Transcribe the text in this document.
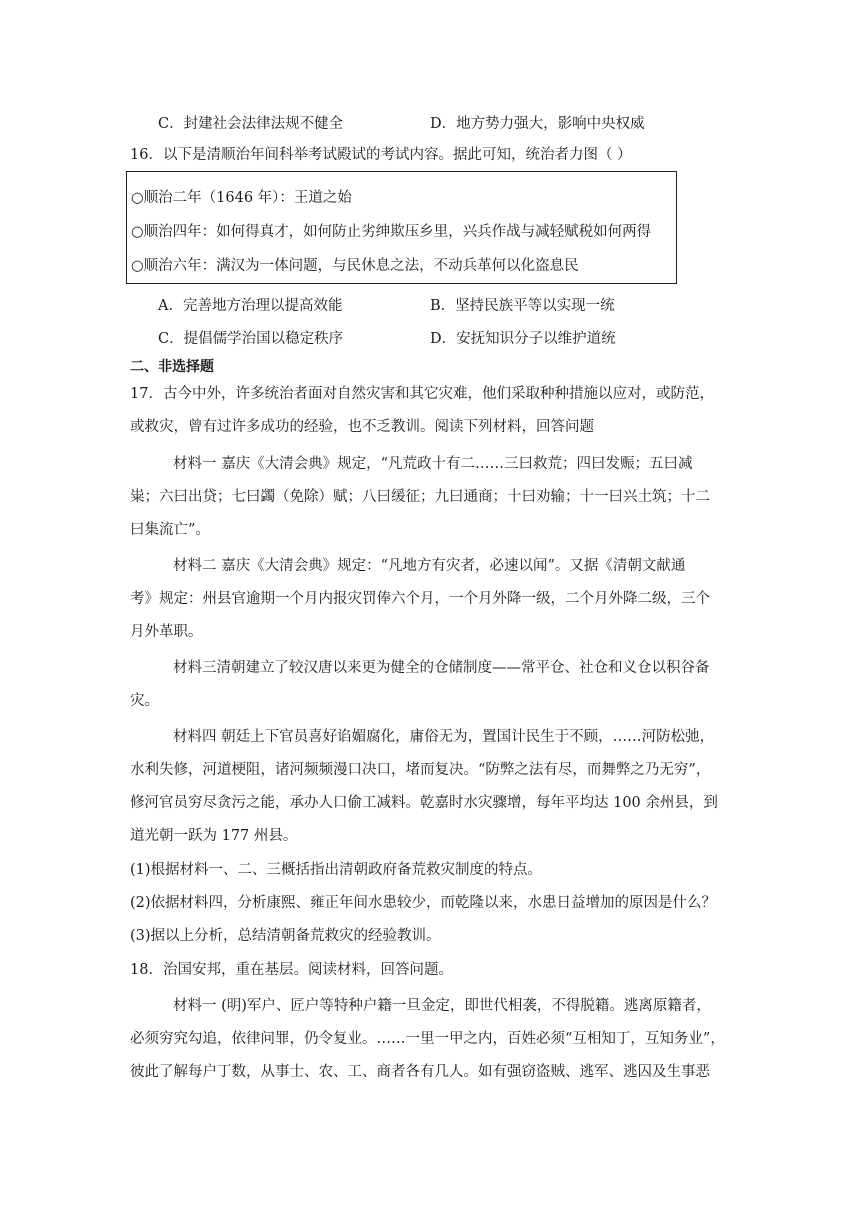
C．封建社会法律法规不健全	D．地方势力强大，影响中央权威
16．以下是清顺治年间科举考试殿试的考试内容。据此可知，统治者力图（ ）
○顺治二年（1646 年）：王道之始
○顺治四年：如何得真才，如何防止劣绅欺压乡里，兴兵作战与减轻赋税如何两得
○顺治六年：满汉为一体问题，与民休息之法，不动兵革何以化盗息民
A．完善地方治理以提高效能	B．坚持民族平等以实现一统
C．提倡儒学治国以稳定秩序	D．安抚知识分子以维护道统
二、非选择题
17．古今中外，许多统治者面对自然灾害和其它灾难，他们采取种种措施以应对，或防范，
或救灾，曾有过许多成功的经验，也不乏教训。阅读下列材料，回答问题
材料一 嘉庆《大清会典》规定，“凡荒政十有二……三曰救荒；四曰发赈；五曰减
粜；六曰出贷；七曰蠲（免除）赋；八曰缓征；九曰通商；十曰劝输；十一曰兴土筑；十二
曰集流亡”。
材料二 嘉庆《大清会典》规定：“凡地方有灾者，必速以闻”。又据《清朝文献通
考》规定：州县官逾期一个月内报灾罚俸六个月，一个月外降一级，二个月外降二级，三个
月外革职。
材料三清朝建立了较汉唐以来更为健全的仓储制度——常平仓、社仓和义仓以积谷备
灾。
材料四 朝廷上下官员喜好谄媚腐化，庸俗无为，置国计民生于不顾，……河防松弛，
水利失修，河道梗阻，诸河频频漫口决口，堵而复决。“防弊之法有尽，而舞弊之乃无穷”，
修河官员穷尽贪污之能，承办人口偷工减料。乾嘉时水灾骤增，每年平均达 100 余州县，到
道光朝一跃为 177 州县。
(1)根据材料一、二、三概括指出清朝政府备荒救灾制度的特点。
(2)依据材料四，分析康熙、雍正年间水患较少，而乾隆以来，水患日益增加的原因是什么？
(3)据以上分析，总结清朝备荒救灾的经验教训。
18．治国安邦，重在基层。阅读材料，回答问题。
材料一 (明)军户、匠户等特种户籍一旦金定，即世代相袭，不得脱籍。逃离原籍者，
必须穷究勾追，依律问罪，仍令复业。……一里一甲之内，百姓必须“互相知丁，互知务业”，
彼此了解每户丁数，从事士、农、工、商者各有几人。如有强窃盗贼、逃军、逃囚及生事恶
